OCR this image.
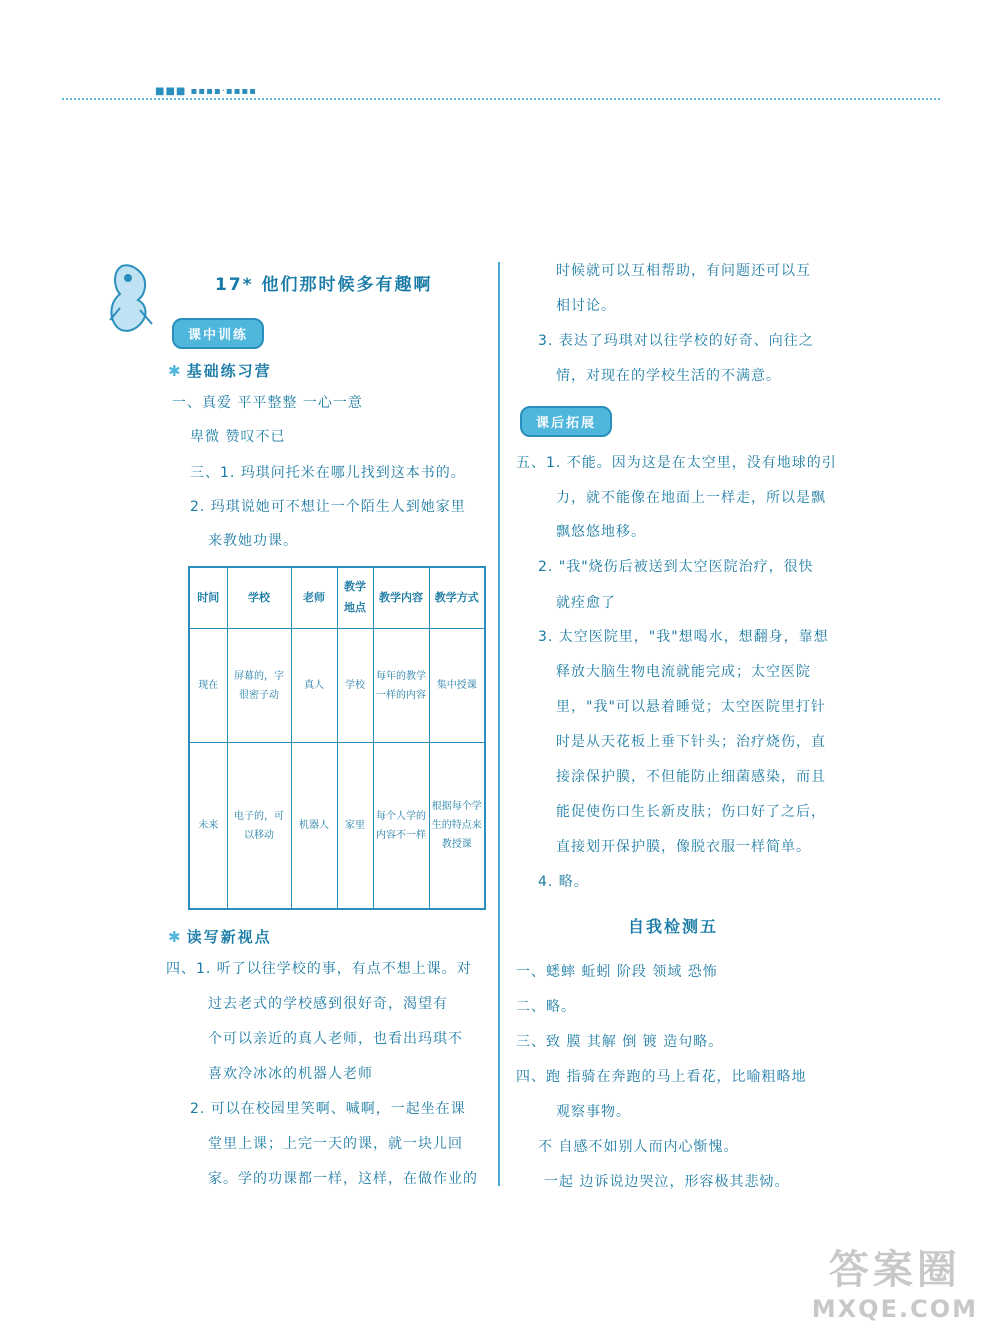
■■■ ▪▪▪▪·▪▪▪▪
17* 他们那时候多有趣啊
课中训练
✱ 基础练习营
一、真爱 平平整整 一心一意
卑微 赞叹不已
三、1. 玛琪问托米在哪儿找到这本书的。
2. 玛琪说她可不想让一个陌生人到她家里
来教她功课。
时间	学校	老师	教学地点	教学内容	教学方式
现在	屏幕的，字很密子动	真人	学校	每年的教学一样的内容	集中授课
未来	电子的，可以移动	机器人	家里	每个人学的内容不一样	根据每个学生的特点来教授课
✱ 读写新视点
四、1. 听了以往学校的事，有点不想上课。对
过去老式的学校感到很好奇，渴望有
个可以亲近的真人老师，也看出玛琪不
喜欢冷冰冰的机器人老师
2. 可以在校园里笑啊、喊啊，一起坐在课
堂里上课；上完一天的课，就一块儿回
家。学的功课都一样，这样，在做作业的
时候就可以互相帮助，有问题还可以互
相讨论。
3. 表达了玛琪对以往学校的好奇、向往之
情，对现在的学校生活的不满意。
课后拓展
五、1. 不能。因为这是在太空里，没有地球的引
力，就不能像在地面上一样走，所以是飘
飘悠悠地移。
2. "我"烧伤后被送到太空医院治疗，很快
就痊愈了
3. 太空医院里，"我"想喝水，想翻身，靠想
释放大脑生物电流就能完成；太空医院
里，"我"可以悬着睡觉；太空医院里打针
时是从天花板上垂下针头；治疗烧伤，直
接涂保护膜，不但能防止细菌感染，而且
能促使伤口生长新皮肤；伤口好了之后，
直接划开保护膜，像脱衣服一样简单。
4. 略。
自我检测五
一、蟋蟀 蚯蚓 阶段 领域 恐怖
二、略。
三、致 膜 其解 倒 镀 造句略。
四、跑 指骑在奔跑的马上看花，比喻粗略地
观察事物。
不 自感不如别人而内心惭愧。
一起 边诉说边哭泣，形容极其悲恸。
答案圈
MXQE.COM
